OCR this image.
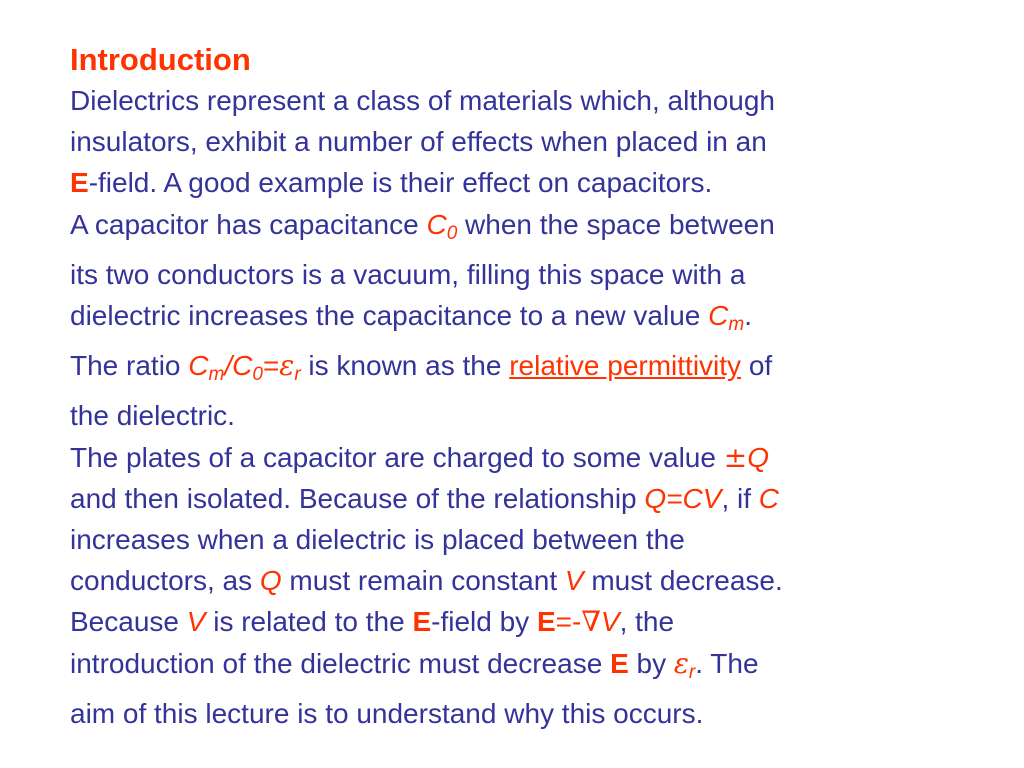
Introduction
Dielectrics represent a class of materials which, although
insulators, exhibit a number of effects when placed in an
E-field. A good example is their effect on capacitors.
A capacitor has capacitance C0 when the space between
its two conductors is a vacuum, filling this space with a
dielectric increases the capacitance to a new value Cm.
The ratio Cm/C0=εr is known as the relative permittivity of
the dielectric.
The plates of a capacitor are charged to some value ±Q
and then isolated. Because of the relationship Q=CV, if C
increases when a dielectric is placed between the
conductors, as Q must remain constant V must decrease.
Because V is related to the E-field by E=-∇V, the
introduction of the dielectric must decrease E by εr. The
aim of this lecture is to understand why this occurs.
